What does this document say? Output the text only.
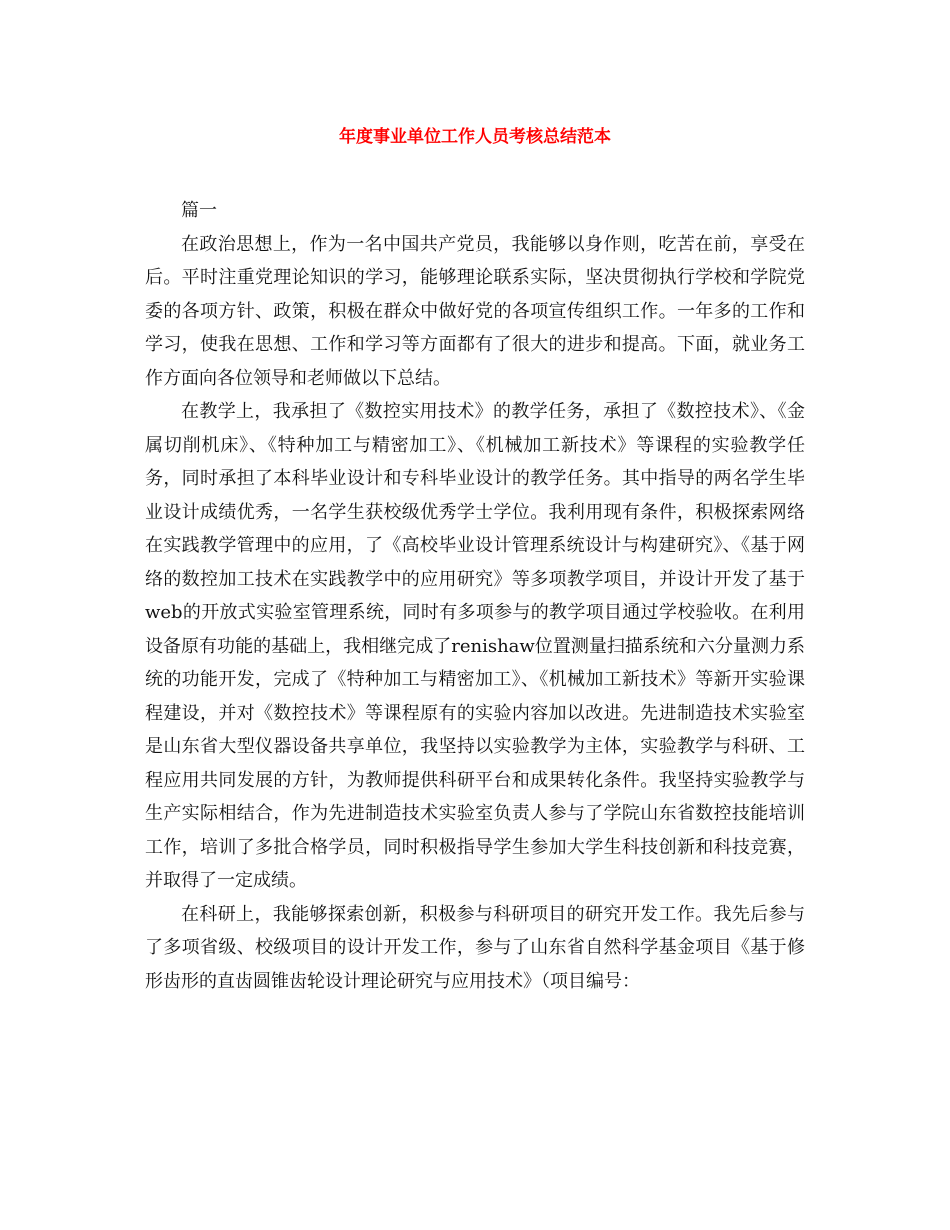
年度事业单位工作人员考核总结范本

篇一

在政治思想上，作为一名中国共产党员，我能够以身作则，吃苦在前，享受在后。平时注重党理论知识的学习，能够理论联系实际，坚决贯彻执行学校和学院党委的各项方针、政策，积极在群众中做好党的各项宣传组织工作。一年多的工作和学习，使我在思想、工作和学习等方面都有了很大的进步和提高。下面，就业务工作方面向各位领导和老师做以下总结。

在教学上，我承担了《数控实用技术》的教学任务，承担了《数控技术》、《金属切削机床》、《特种加工与精密加工》、《机械加工新技术》等课程的实验教学任务，同时承担了本科毕业设计和专科毕业设计的教学任务。其中指导的两名学生毕业设计成绩优秀，一名学生获校级优秀学士学位。我利用现有条件，积极探索网络在实践教学管理中的应用，了《高校毕业设计管理系统设计与构建研究》、《基于网络的数控加工技术在实践教学中的应用研究》等多项教学项目，并设计开发了基于web的开放式实验室管理系统，同时有多项参与的教学项目通过学校验收。在利用设备原有功能的基础上，我相继完成了renishaw位置测量扫描系统和六分量测力系统的功能开发，完成了《特种加工与精密加工》、《机械加工新技术》等新开实验课程建设，并对《数控技术》等课程原有的实验内容加以改进。先进制造技术实验室是山东省大型仪器设备共享单位，我坚持以实验教学为主体，实验教学与科研、工程应用共同发展的方针，为教师提供科研平台和成果转化条件。我坚持实验教学与生产实际相结合，作为先进制造技术实验室负责人参与了学院山东省数控技能培训工作，培训了多批合格学员，同时积极指导学生参加大学生科技创新和科技竞赛，并取得了一定成绩。

在科研上，我能够探索创新，积极参与科研项目的研究开发工作。我先后参与了多项省级、校级项目的设计开发工作，参与了山东省自然科学基金项目《基于修形齿形的直齿圆锥齿轮设计理论研究与应用技术》（项目编号：
